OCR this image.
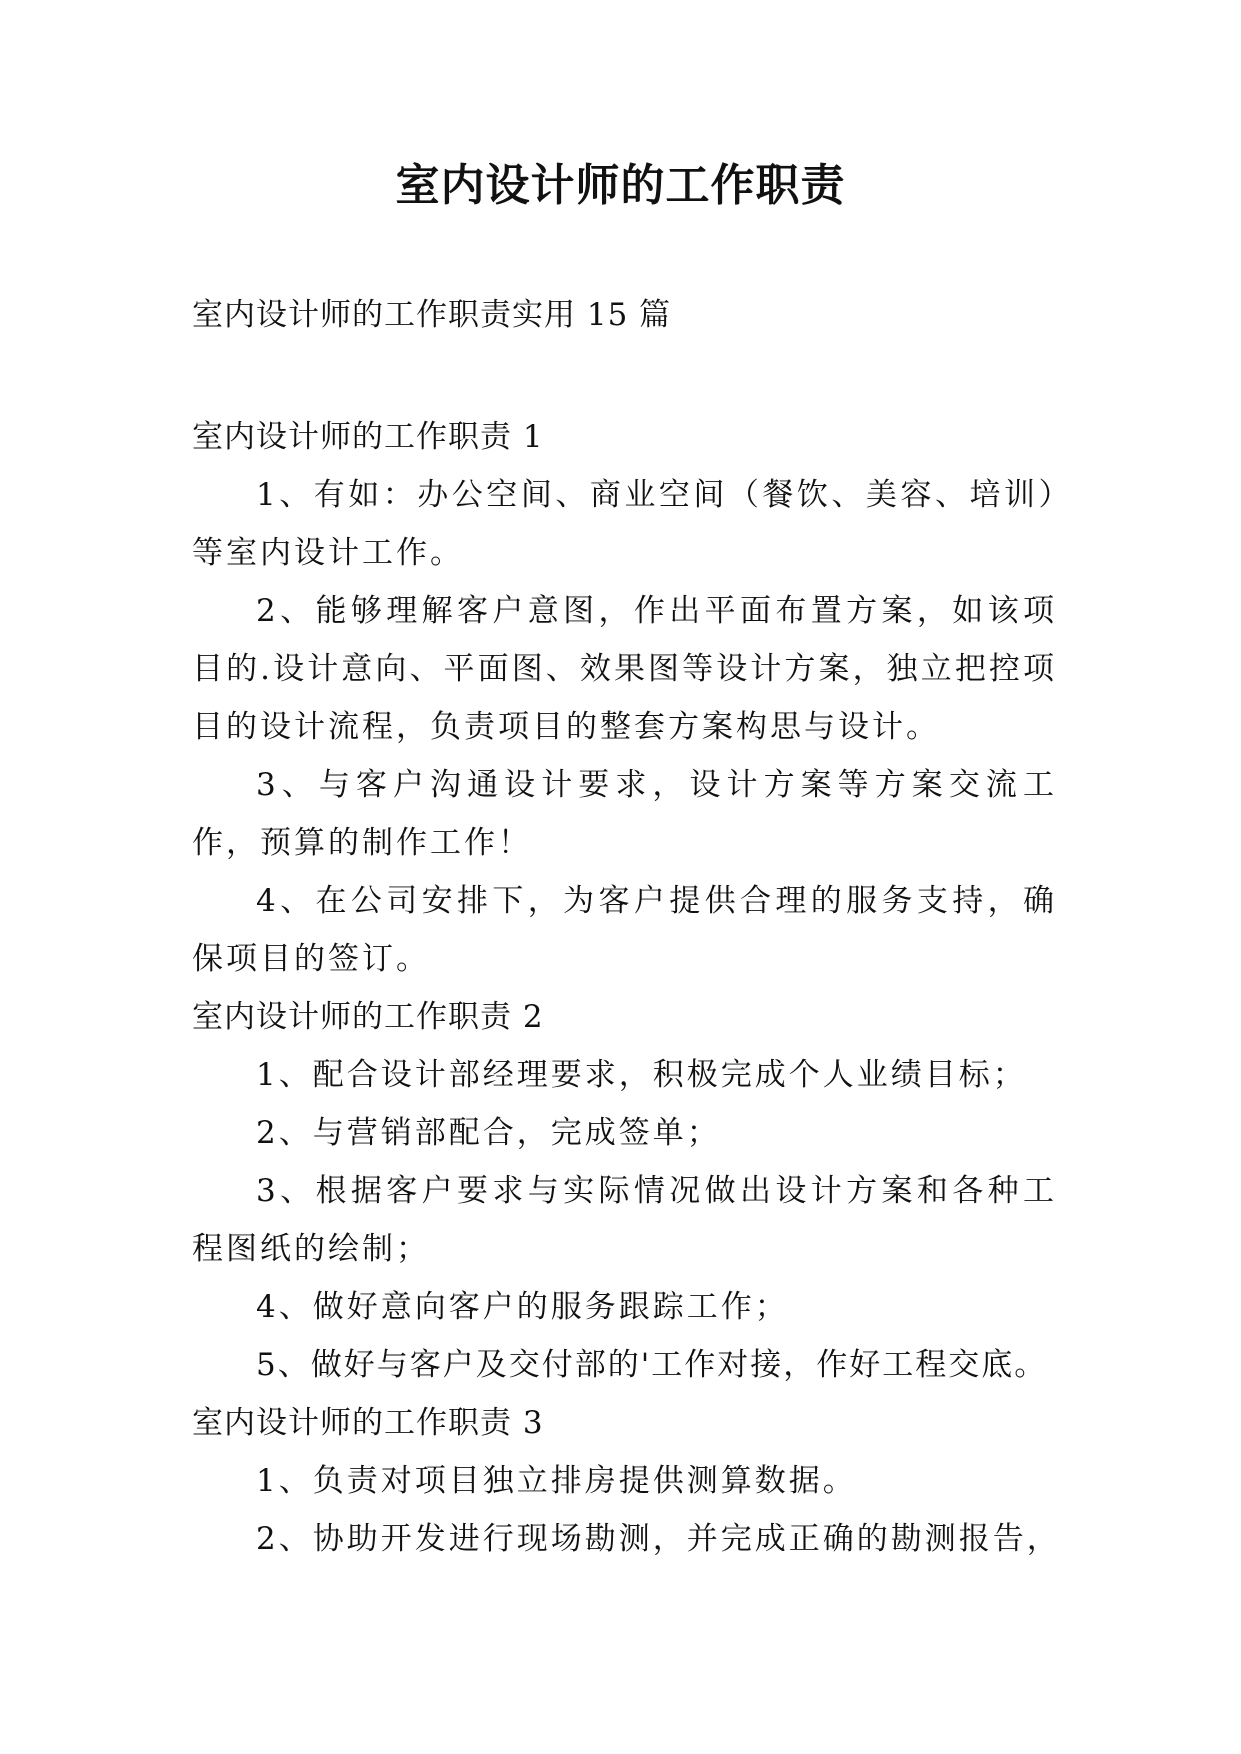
室内设计师的工作职责
室内设计师的工作职责实用 15 篇
室内设计师的工作职责 1
1、有如：办公空间、商业空间（餐饮、美容、培训）等室内设计工作。
2、能够理解客户意图，作出平面布置方案，如该项目的.设计意向、平面图、效果图等设计方案，独立把控项目的设计流程，负责项目的整套方案构思与设计。
3、与客户沟通设计要求，设计方案等方案交流工作，预算的制作工作！
4、在公司安排下，为客户提供合理的服务支持，确保项目的签订。
室内设计师的工作职责 2
1、配合设计部经理要求，积极完成个人业绩目标；
2、与营销部配合，完成签单；
3、根据客户要求与实际情况做出设计方案和各种工程图纸的绘制；
4、做好意向客户的服务跟踪工作；
5、做好与客户及交付部的'工作对接，作好工程交底。
室内设计师的工作职责 3
1、负责对项目独立排房提供测算数据。
2、协助开发进行现场勘测，并完成正确的勘测报告，
